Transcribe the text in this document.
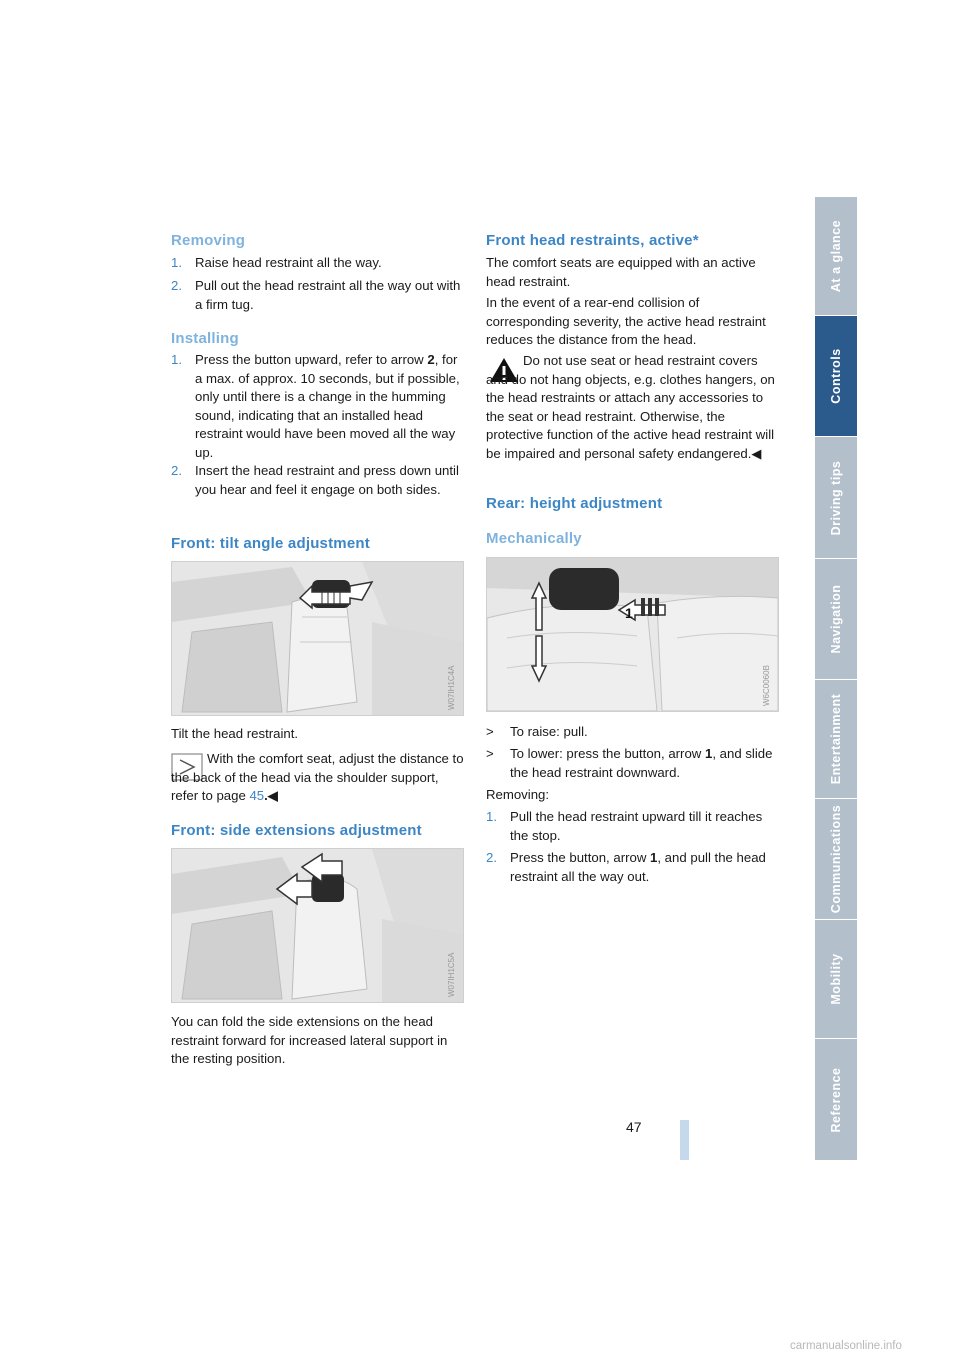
Removing
1. Raise head restraint all the way.
2. Pull out the head restraint all the way out with a firm tug.
Installing
1. Press the button upward, refer to arrow 2, for a max. of approx. 10 seconds, but if possible, only until there is a change in the humming sound, indicating that an installed head restraint would have been moved all the way up.
2. Insert the head restraint and press down until you hear and feel it engage on both sides.
Front: tilt angle adjustment
W07IH1C4A

Tilt the head restraint.

With the comfort seat, adjust the distance to the back of the head via the shoulder support, refer to page 45.◀

Front: side extensions adjustment
W07IH1C5A

You can fold the side extensions on the head restraint forward for increased lateral support in the resting position.

Front head restraints, active*

The comfort seats are equipped with an active head restraint.

In the event of a rear-end collision of corresponding severity, the active head restraint reduces the distance from the head.

Do not use seat or head restraint covers and do not hang objects, e.g. clothes hangers, on the head restraints or attach any accessories to the seat or head restraint. Otherwise, the protective function of the active head restraint will be impaired and personal safety endangered.◀

Rear: height adjustment
Mechanically
1
W6C0060B
>	To raise: pull.
>	To lower: press the button, arrow 1, and slide the head restraint downward.

Removing:

1. Pull the head restraint upward till it reaches the stop.
2. Press the button, arrow 1, and pull the head restraint all the way out.
At a glance
Controls
Driving tips
Navigation
Entertainment
Communications
Mobility
Reference
47
carmanualsonline.info
